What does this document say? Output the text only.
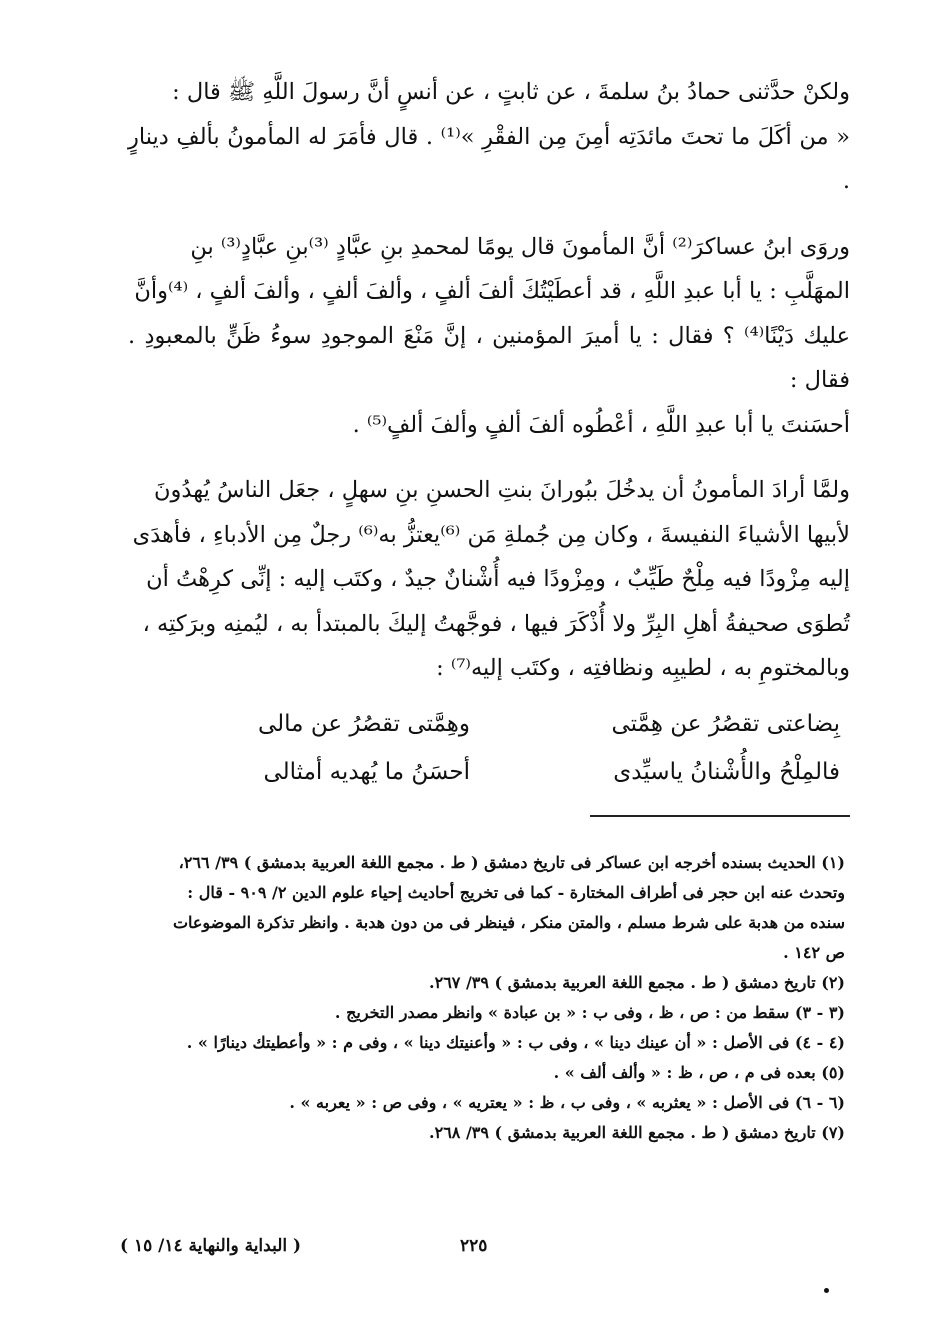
ولكنْ حدَّثنى حمادُ بنُ سلمةَ ، عن ثابتٍ ، عن أنسٍ أنَّ رسولَ اللَّهِ ﷺ قال :

« من أكَلَ ما تحتَ مائدَتِه أمِنَ مِن الفقْرِ »⁽¹⁾ . قال فأمَرَ له المأمونُ بألفِ دينارٍ .

وروَى ابنُ عساكرَ⁽²⁾ أنَّ المأمونَ قال يومًا لمحمدِ بنِ عبَّادٍ ⁽³⁾بنِ عبَّادٍ⁽³⁾ بنِ

المهَلَّبِ : يا أبا عبدِ اللَّهِ ، قد أعطَيْتُكَ ألفَ ألفٍ ، وألفَ ألفٍ ، وألفَ ألفٍ ، ⁽⁴⁾وأنَّ

عليك دَيْنًا⁽⁴⁾ ؟ فقال : يا أميرَ المؤمنين ، إنَّ مَنْعَ الموجودِ سوءُ ظَنٍّ بالمعبودِ . فقال :

أحسَنتَ يا أبا عبدِ اللَّهِ ، أعْطُوه ألفَ ألفٍ وألفَ ألفٍ⁽⁵⁾ .

ولمَّا أرادَ المأمونُ أن يدخُلَ ببُورانَ بنتِ الحسنِ بنِ سهلٍ ، جعَل الناسُ يُهدُونَ

لأبيها الأشياءَ النفيسةَ ، وكان مِن جُملةِ مَن ⁽⁶⁾يعتزُّ به⁽⁶⁾ رجلٌ مِن الأدباءِ ، فأهدَى

إليه مِزْودًا فيه مِلْحٌ طَيِّبٌ ، ومِزْودًا فيه أُشْنانٌ جيدٌ ، وكتَب إليه : إنِّى كرِهْتُ أن

تُطوَى صحيفةُ أهلِ البِرِّ ولا أُذْكَرَ فيها ، فوجَّهتُ إليكَ بالمبتدأ به ، ليُمنِه وبرَكتِه ،

وبالمختومِ به ، لطيبِه ونظافتِه ، وكتَب إليه⁽⁷⁾ :

بِضاعتى تقصُرُ عن هِمَّتى
وهِمَّتى تقصُرُ عن مالى
فالمِلْحُ والأُشْنانُ ياسيِّدى
أحسَنُ ما يُهديه أمثالى

(١) الحديث بسنده أخرجه ابن عساكر فى تاريخ دمشق ( ط . مجمع اللغة العربية بدمشق ) ٣٩/ ٢٦٦،

وتحدث عنه ابن حجر فى أطراف المختارة - كما فى تخريج أحاديث إحياء علوم الدين ٢/ ٩٠٩ - قال :

سنده من هدبة على شرط مسلم ، والمتن منكر ، فينظر فى من دون هدبة . وانظر تذكرة الموضوعات

ص ١٤٢ .

(٢) تاريخ دمشق ( ط . مجمع اللغة العربية بدمشق ) ٣٩/ ٢٦٧.

(٣ - ٣) سقط من : ص ، ظ ، وفى ب : « بن عبادة » وانظر مصدر التخريج .

(٤ - ٤) فى الأصل : « أن عينك دينا » ، وفى ب : « وأعنيتك دينا » ، وفى م : « وأعطيتك دينارًا » .

(٥) بعده فى م ، ص ، ظ : « وألف ألف » .

(٦ - ٦) فى الأصل : « يعثربه » ، وفى ب ، ظ : « يعتريه » ، وفى ص : « يعربه » .

(٧) تاريخ دمشق ( ط . مجمع اللغة العربية بدمشق ) ٣٩/ ٢٦٨.

٢٢٥
( البداية والنهاية ١٤/ ١٥ )
